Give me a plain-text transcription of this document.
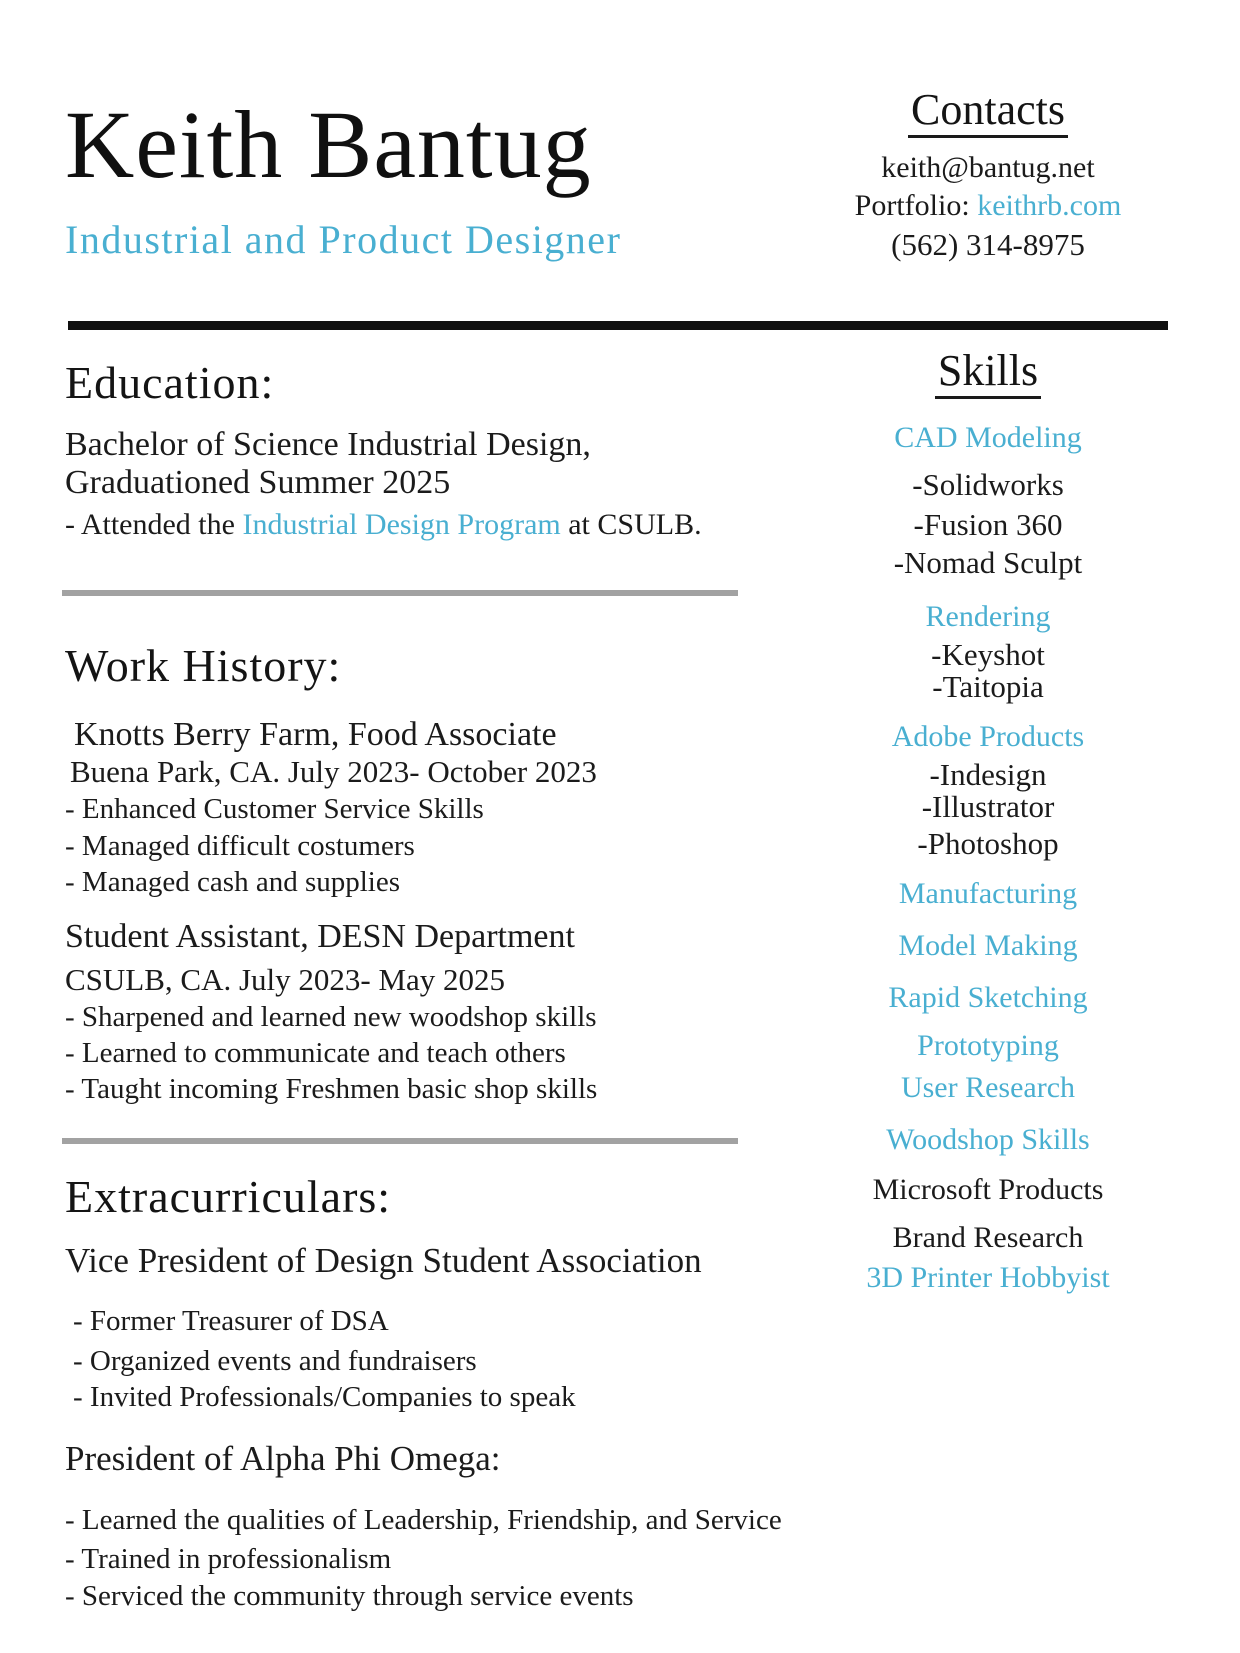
Keith Bantug
Industrial and Product Designer
Contacts
keith@bantug.net
Portfolio: keithrb.com
(562) 314-8975
Education:
Bachelor of Science Industrial Design,
Graduationed Summer 2025
- Attended the Industrial Design Program at CSULB.
Work History:
Knotts Berry Farm, Food Associate
Buena Park, CA. July 2023- October 2023
- Enhanced Customer Service Skills
- Managed difficult costumers
- Managed cash and supplies
Student Assistant, DESN Department
CSULB, CA. July 2023- May 2025
- Sharpened and learned new woodshop skills
- Learned to communicate and teach others
- Taught incoming Freshmen basic shop skills
Extracurriculars:
Vice President of Design Student Association
- Former Treasurer of DSA
- Organized events and fundraisers
- Invited Professionals/Companies to speak
President of Alpha Phi Omega:
- Learned the qualities of Leadership, Friendship, and Service
- Trained in professionalism
- Serviced the community through service events
Skills
CAD Modeling
-Solidworks
-Fusion 360
-Nomad Sculpt
Rendering
-Keyshot
-Taitopia
Adobe Products
-Indesign
-Illustrator
-Photoshop
Manufacturing
Model Making
Rapid Sketching
Prototyping
User Research
Woodshop Skills
Microsoft Products
Brand Research
3D Printer Hobbyist
